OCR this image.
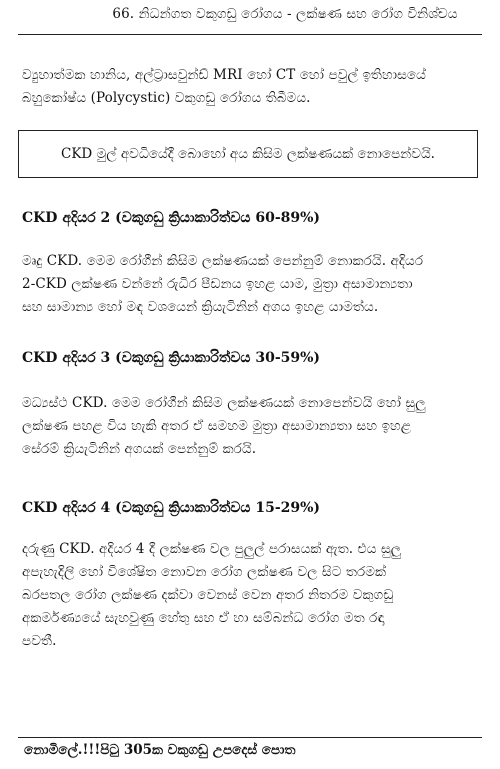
66. නිධන්ගත වකුගඩු රෝගය - ලක්ෂණ සහ රෝග විනිශ්චය
ව්‍යුහාත්මක හානිය, අල්ට්‍රාසවුන්ඩ් MRI හෝ CT හෝ පවුල් ඉතිහාසයේ
බහුකෝෂ්ය (Polycystic) වකුගඩු රෝගය තිබීමය.
CKD මුල් අවධියේදී බොහෝ අය කිසිම ලක්ෂණයක් නොපෙන්වයි.
CKD අදියර 2 (වකුගඩු ක්‍රියාකාරිත්වය 60-89%)
මෘදු CKD. මෙම රෝගීන් කිසිම ලක්ෂණයක් පෙන්නුම් නොකරයි. අදියර
2-CKD ලක්ෂණ වන්නේ රුධිර පීඩනය ඉහළ යාම, මුත්‍රා අසාමාන්‍යතා
සහ සාමාන්‍ය හෝ මඳ වශයෙන් ක්‍රියැටිනින් අගය ඉහළ යාමත්ය.
CKD අදියර 3 (වකුගඩු ක්‍රියාකාරිත්වය 30-59%)
මධ්‍යස්ථ CKD. මෙම රෝගීන් කිසිම ලක්ෂණයක් නොපෙන්වයි හෝ සුලු
ලක්ෂණ පහළ විය හැකි අතර ඒ සමහම මුත්‍රා අසාමාන්‍යතා සහ ඉහළ
සේරම් ක්‍රියැටිනින් අගයක් පෙන්නුම් කරයි.
CKD අදියර 4 (වකුගඩු ක්‍රියාකාරිත්වය 15-29%)
දරුණු CKD. අදියර 4 දී ලක්ෂණ වල පුලුල් පරාසයක් ඇත. එය සුලු
අපැහැදිලි හෝ විශේෂිත නොවන රෝග ලක්ෂණ වල සිට තරමක්
බරපතල රෝග ලක්ෂණ දක්වා වෙනස් වෙන අතර නිතරම වකුගඩු
අකර්මණ්‍යයේ සැහවුණු හේතු සහ ඒ හා සම්බන්ධ රෝග මත රඳා
පවතී.
නොමිලේ.!!!පිටු 305ක වකුගඩු උපදෙස් පොත
